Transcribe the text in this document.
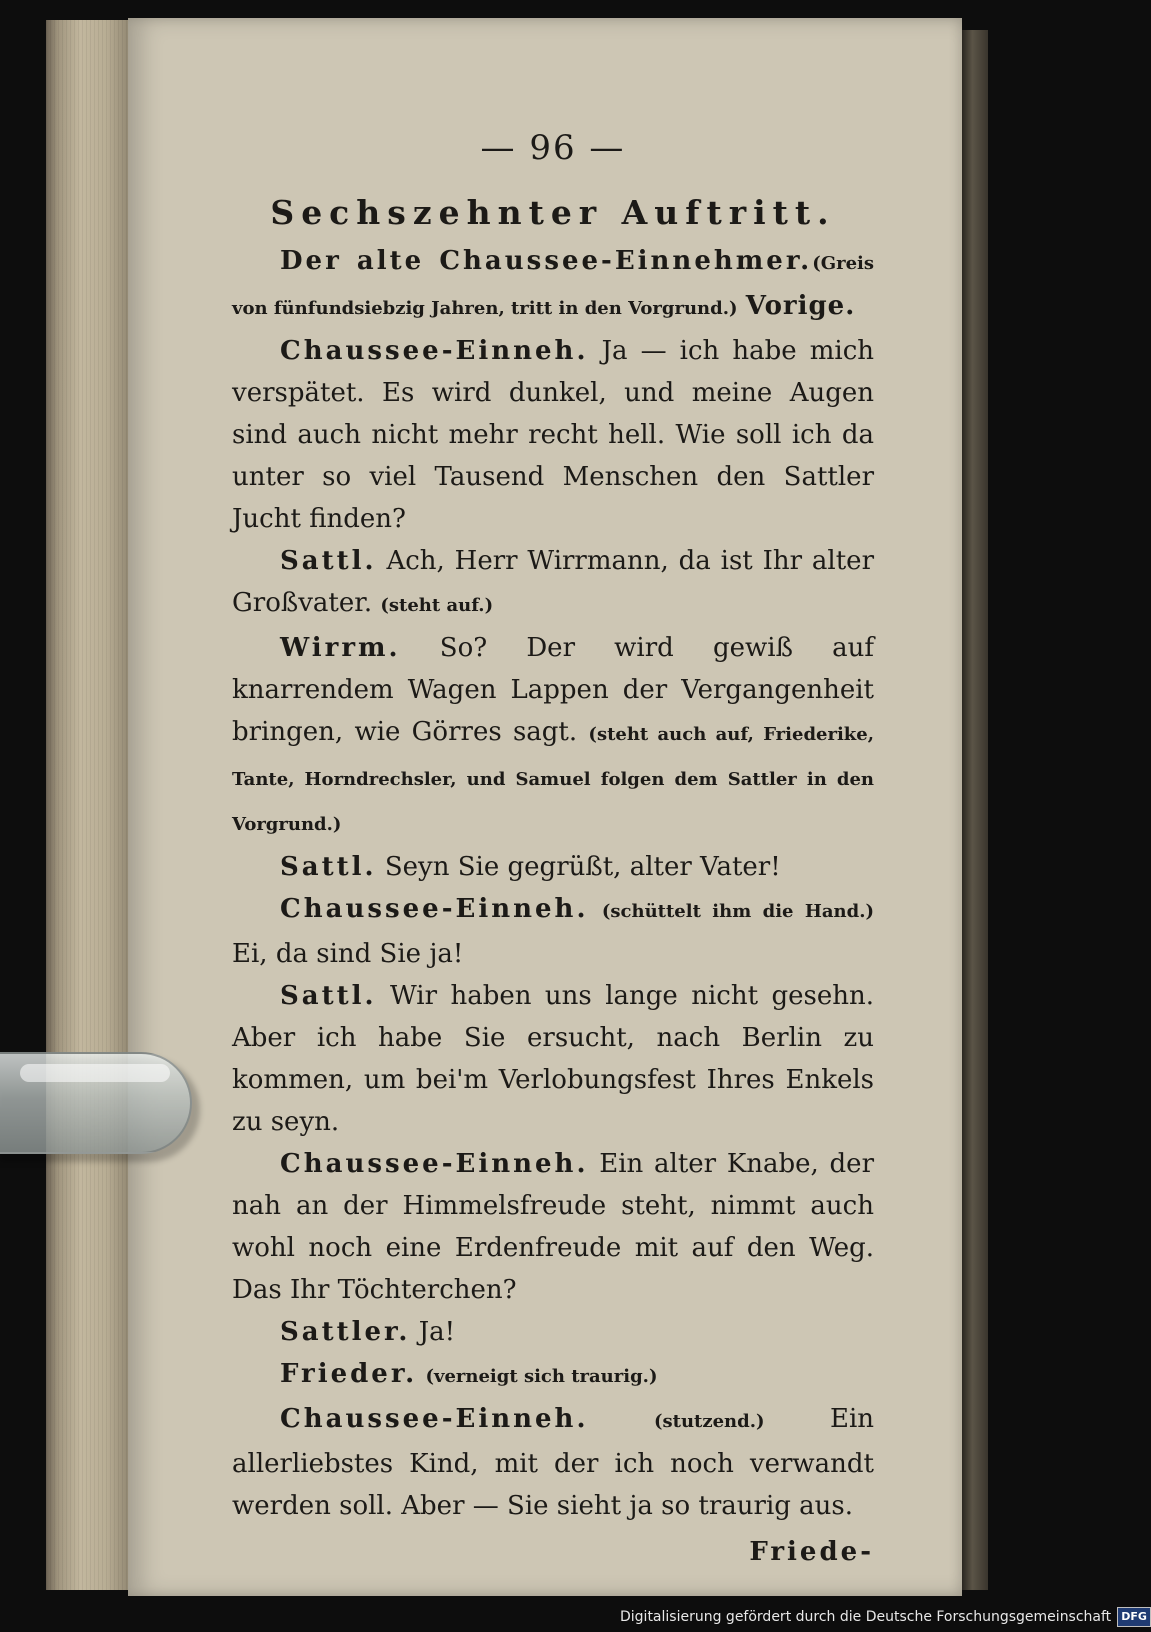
— 96 —
Sechszehnter Auftritt.

Der alte Chaussee-Einnehmer.(Greis von fünfundsiebzig Jahren, tritt in den Vorgrund.) Vorige.

Chaussee-Einneh. Ja — ich habe mich verspätet. Es wird dunkel, und meine Augen sind auch nicht mehr recht hell. Wie soll ich da unter so viel Tausend Menschen den Sattler Jucht finden?

Sattl. Ach, Herr Wirrmann, da ist Ihr alter Großvater. (steht auf.)

Wirrm. So? Der wird gewiß auf knarrendem Wagen Lappen der Vergangenheit bringen, wie Görres sagt. (steht auch auf, Friederike, Tante, Horndrechsler, und Samuel folgen dem Sattler in den Vorgrund.)

Sattl. Seyn Sie gegrüßt, alter Vater!

Chaussee-Einneh. (schüttelt ihm die Hand.) Ei, da sind Sie ja!

Sattl. Wir haben uns lange nicht gesehn. Aber ich habe Sie ersucht, nach Berlin zu kommen, um bei'm Verlobungsfest Ihres Enkels zu seyn.

Chaussee-Einneh. Ein alter Knabe, der nah an der Himmelsfreude steht, nimmt auch wohl noch eine Erdenfreude mit auf den Weg. Das Ihr Töchterchen?

Sattler. Ja!

Frieder. (verneigt sich traurig.)

Chaussee-Einneh.	(stutzend.) Ein allerliebstes Kind, mit der ich noch verwandt werden soll. Aber — Sie sieht ja so traurig aus.

Friede-
Digitalisierung gefördert durch die Deutsche Forschungsgemeinschaft DFG
